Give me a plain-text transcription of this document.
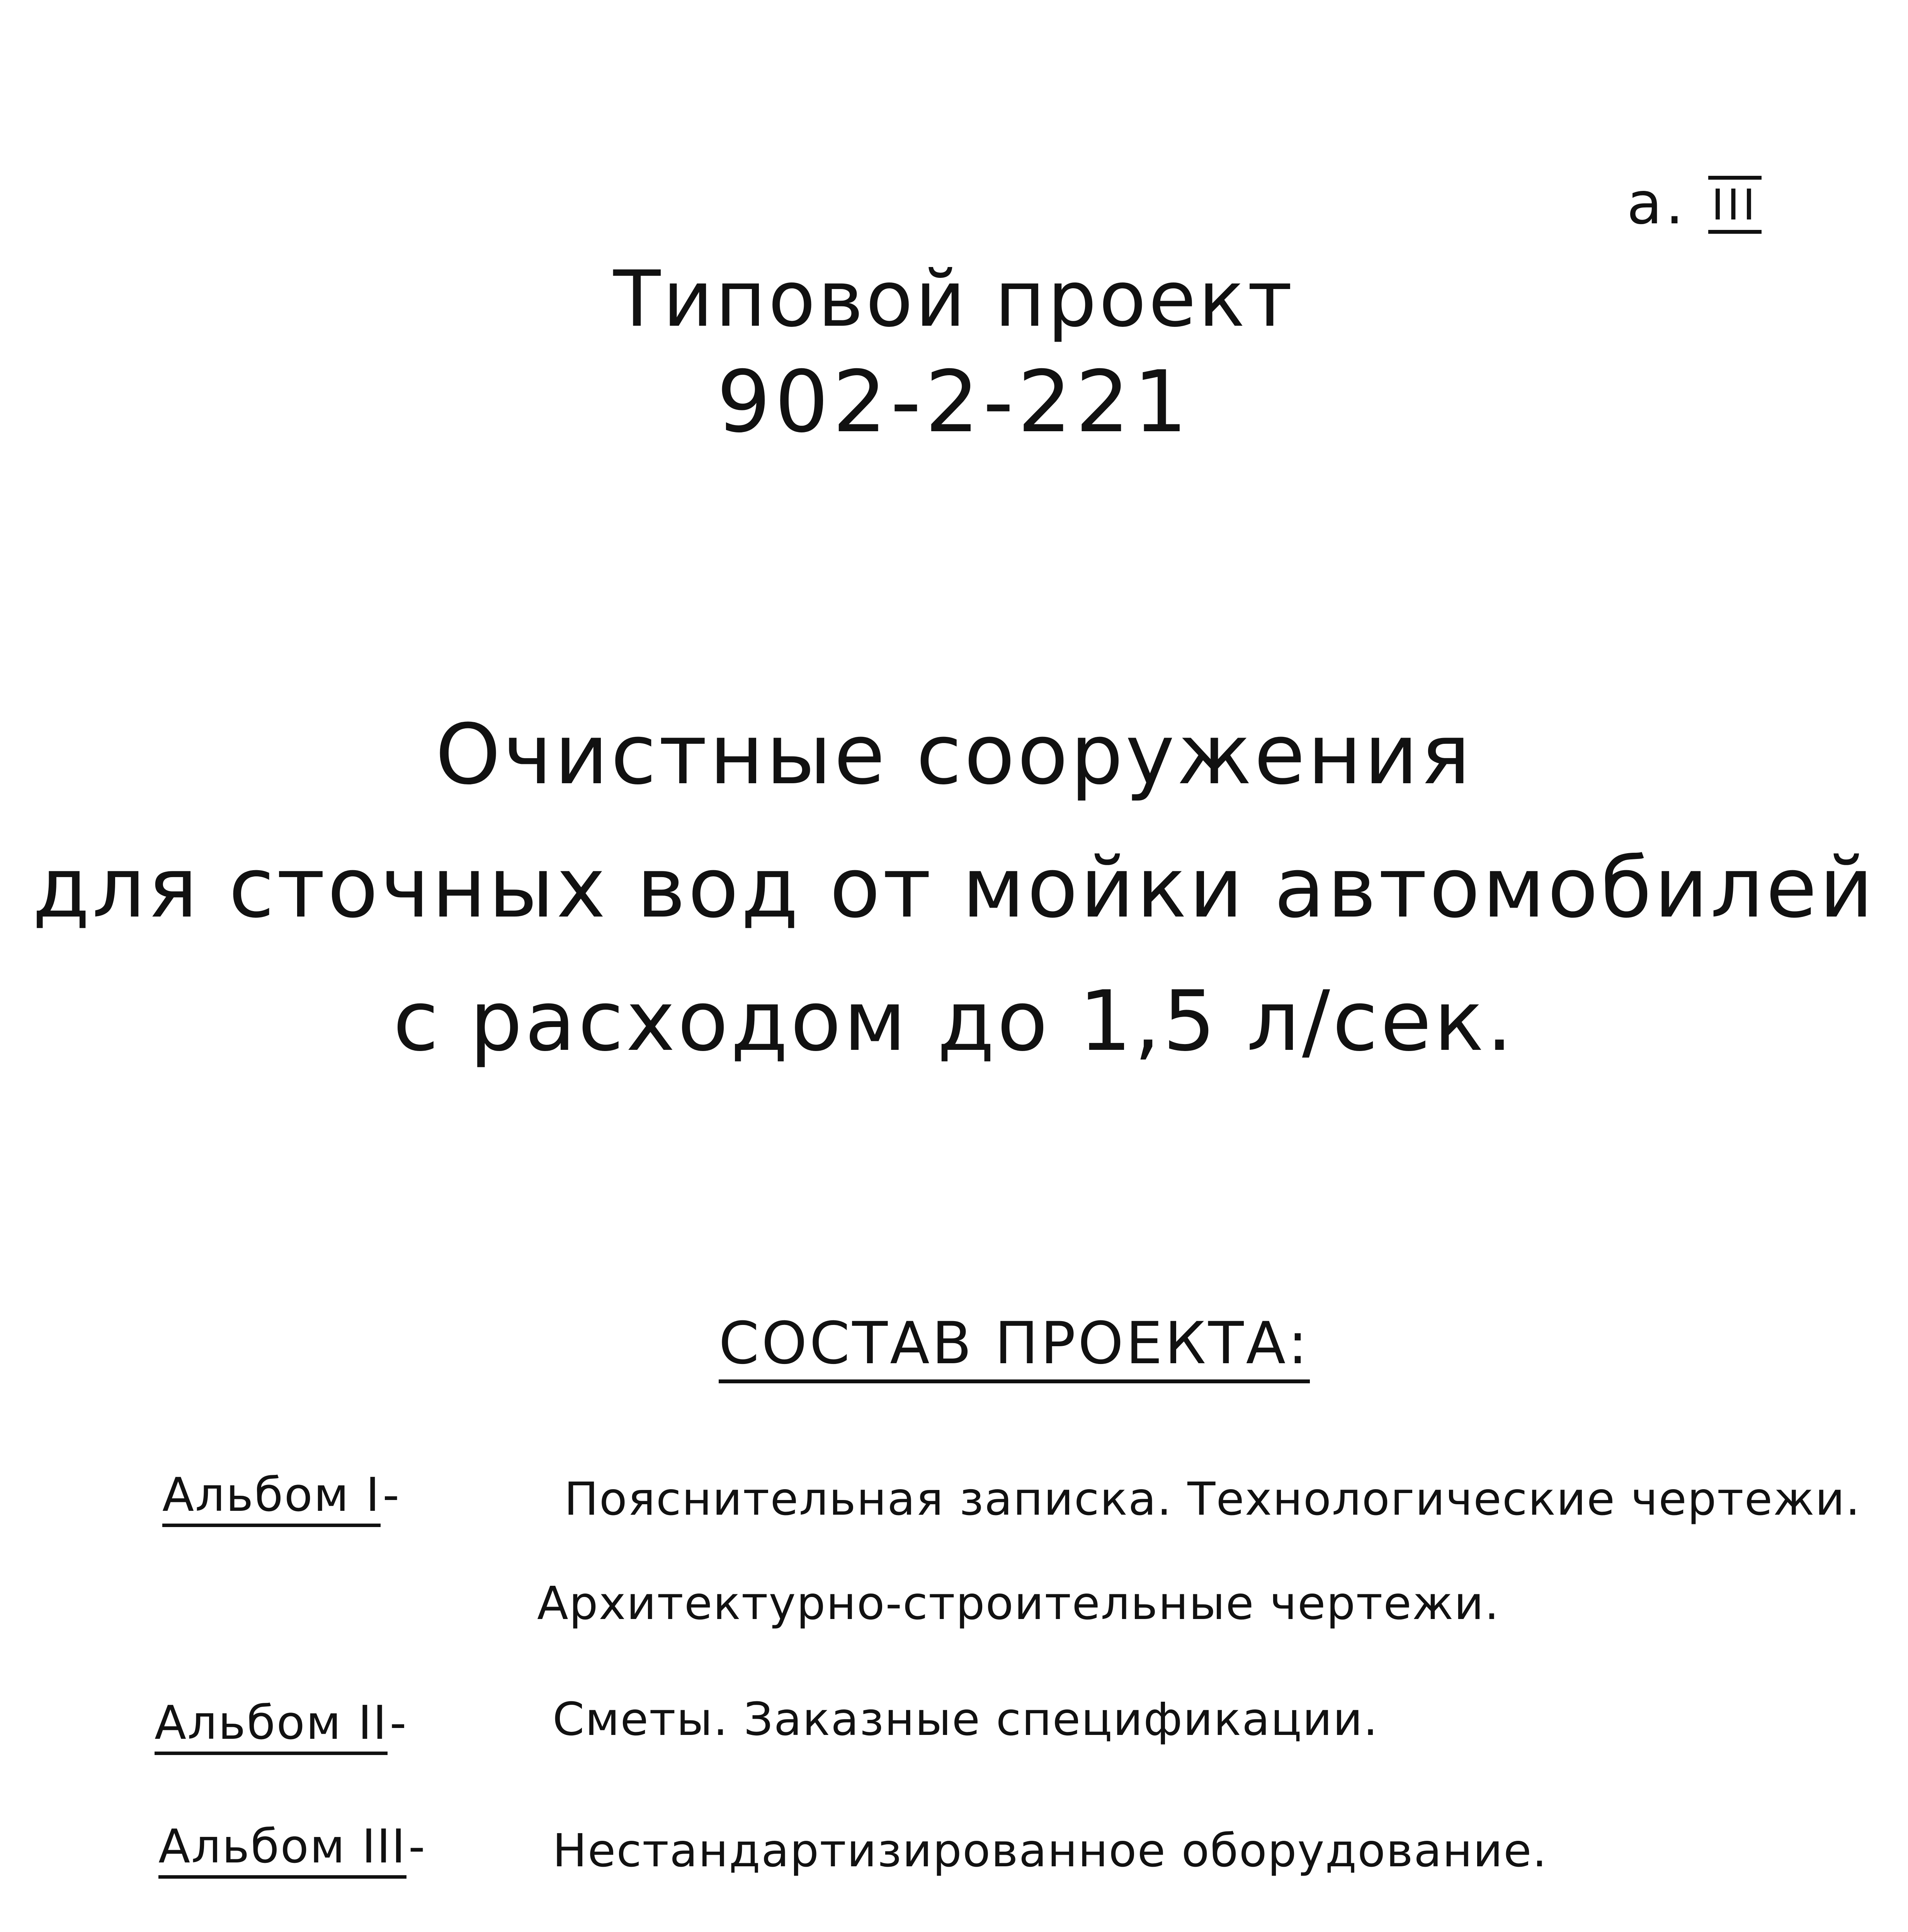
a. III
Типовой проект
902-2-221
Очистные сооружения
для сточных вод от мойки автомобилей
с расходом до 1,5 л/сек.
СОСТАВ ПРОЕКТА:
Альбом I -	Пояснительная записка. Технологические чертежи.
Архитектурно-строительные чертежи.
Альбом II -	Сметы. Заказные спецификации.
Альбом III -	Нестандартизированное оборудование.
